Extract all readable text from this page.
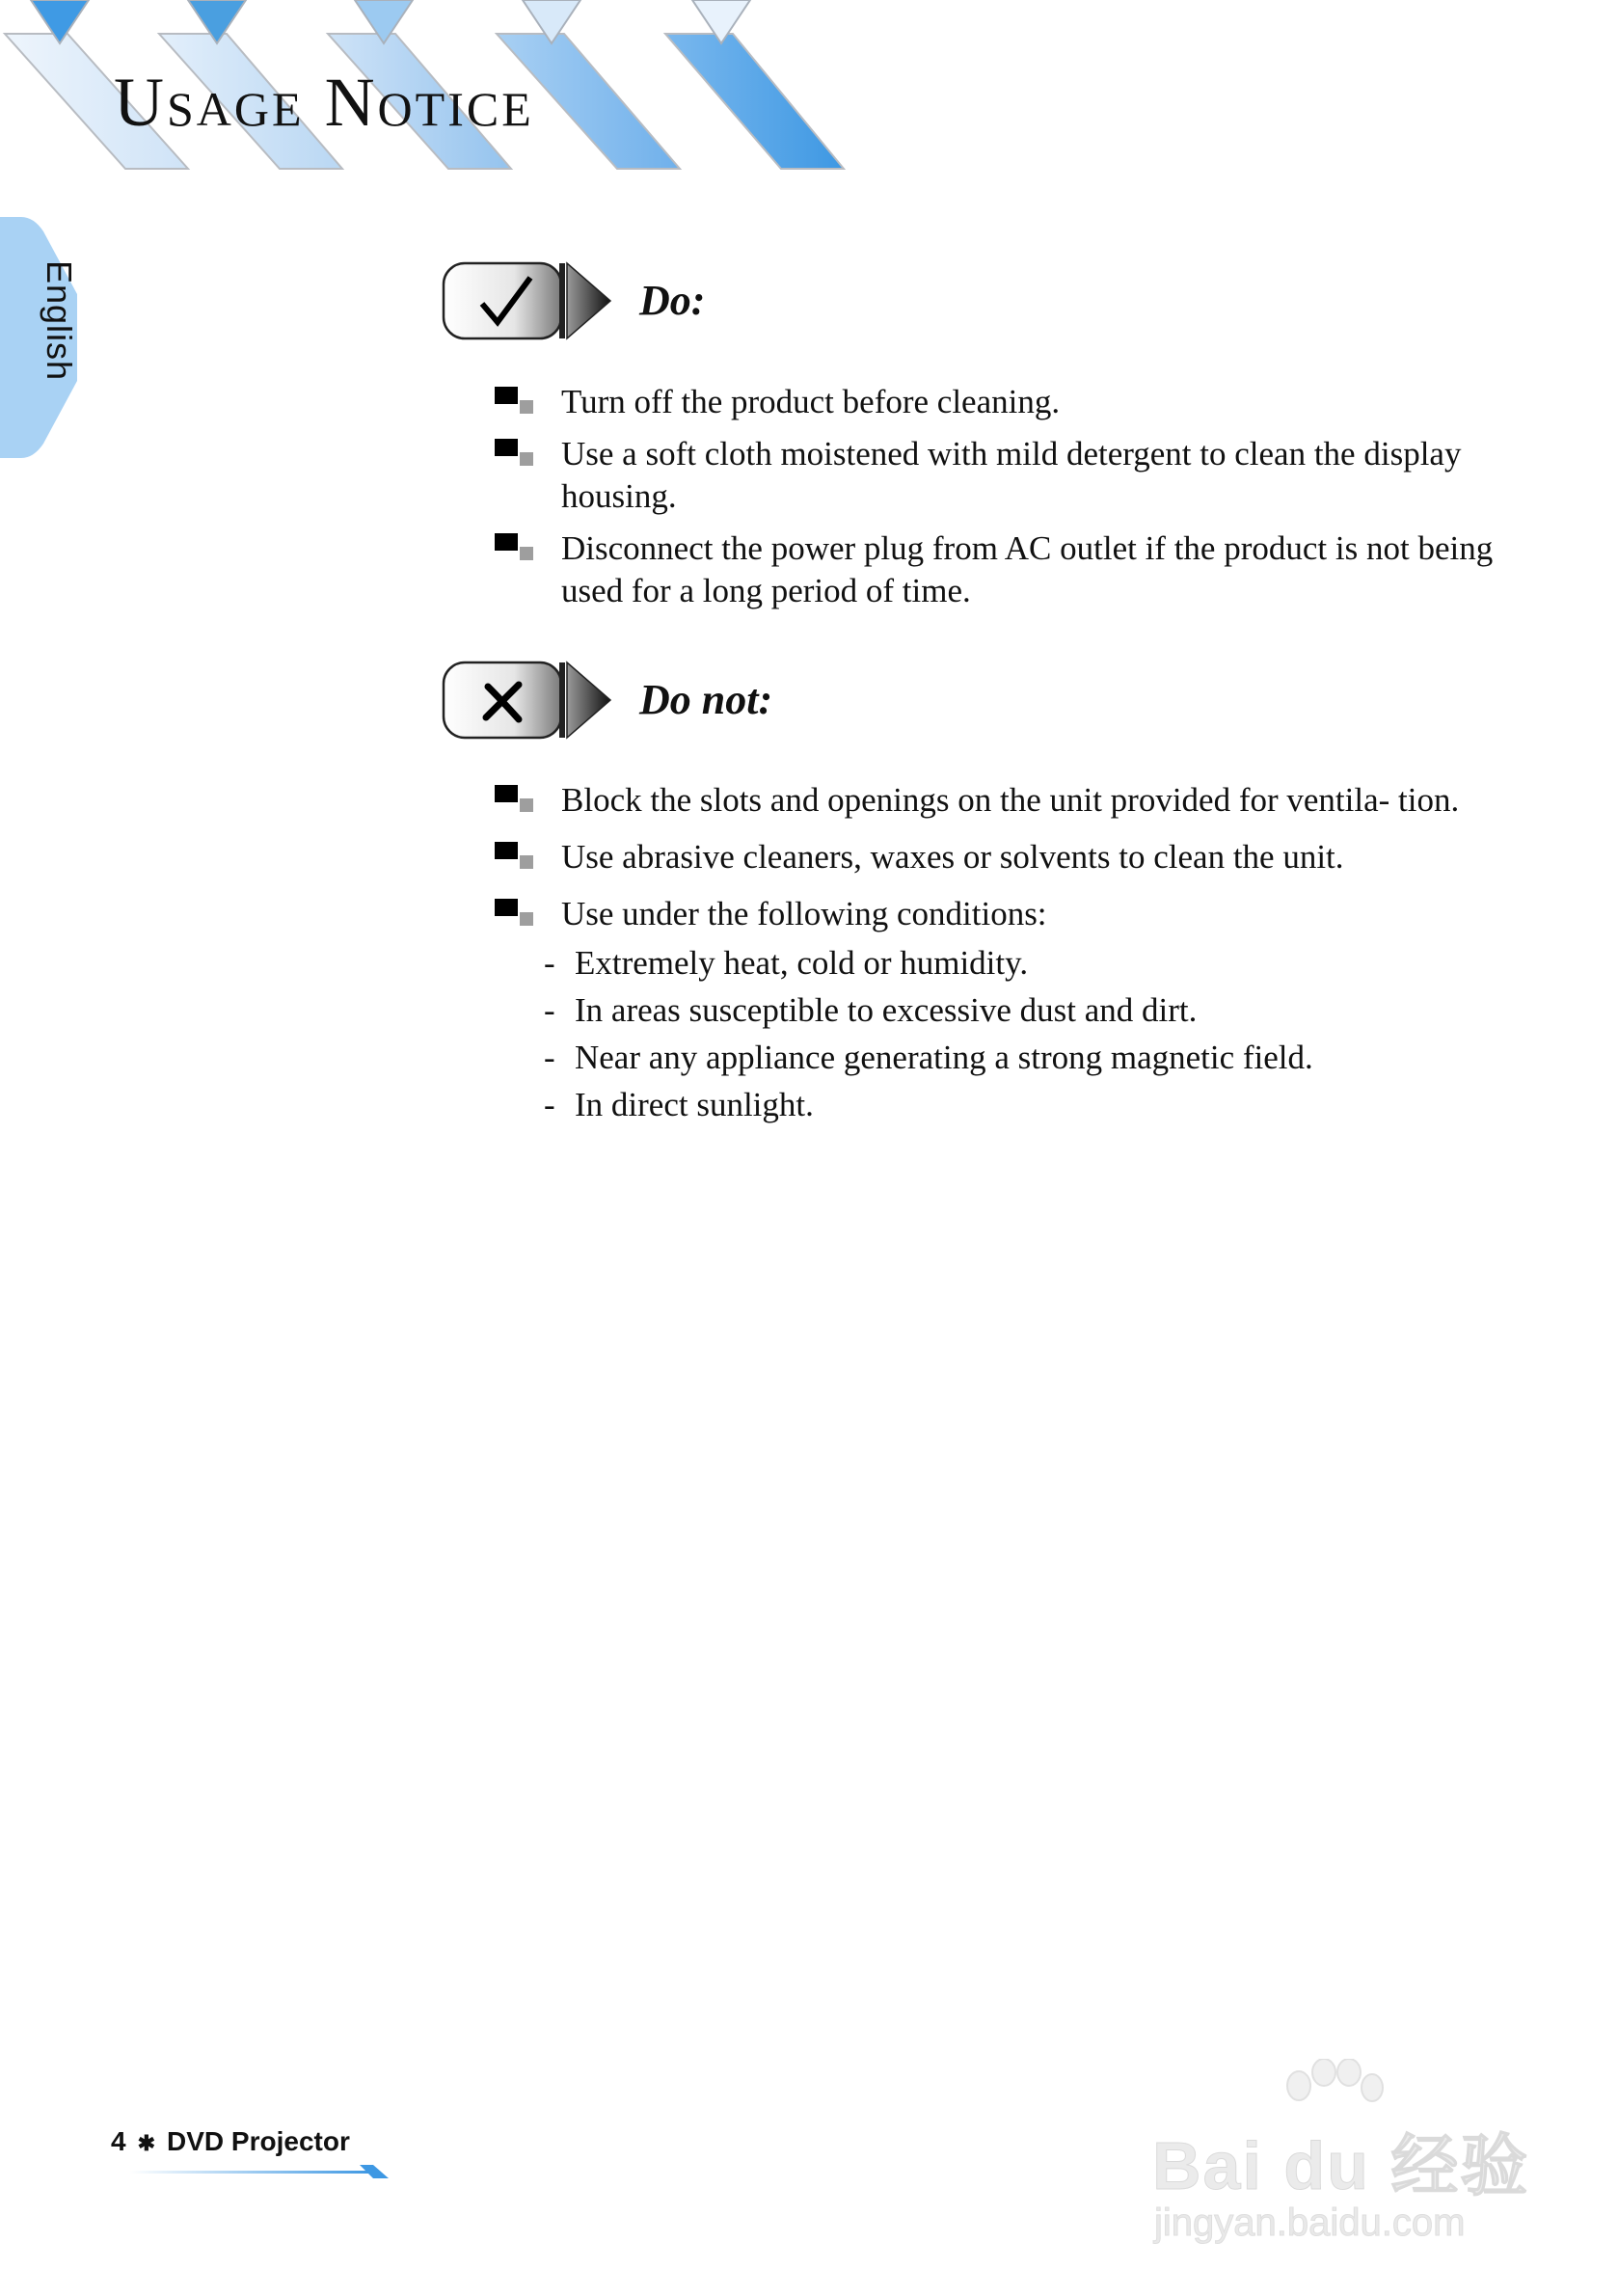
Usage Notice
English	Do:
Turn off the product before cleaning.
Use a soft cloth moistened with mild detergent to clean the display housing.
Disconnect the power plug from AC outlet if the product is not being used for a long period of time.
Do not:
Block the slots and openings on the unit provided for ventila- tion.
Use abrasive cleaners, waxes or solvents to clean the unit.
Use under the following conditions:
- Extremely heat, cold or humidity.
- In areas susceptible to excessive dust and dirt.
- Near any appliance generating a strong magnetic field.
- In direct sunlight.
4 ✱ DVD Projector	Bai du 经验
jingyan.baidu.com
